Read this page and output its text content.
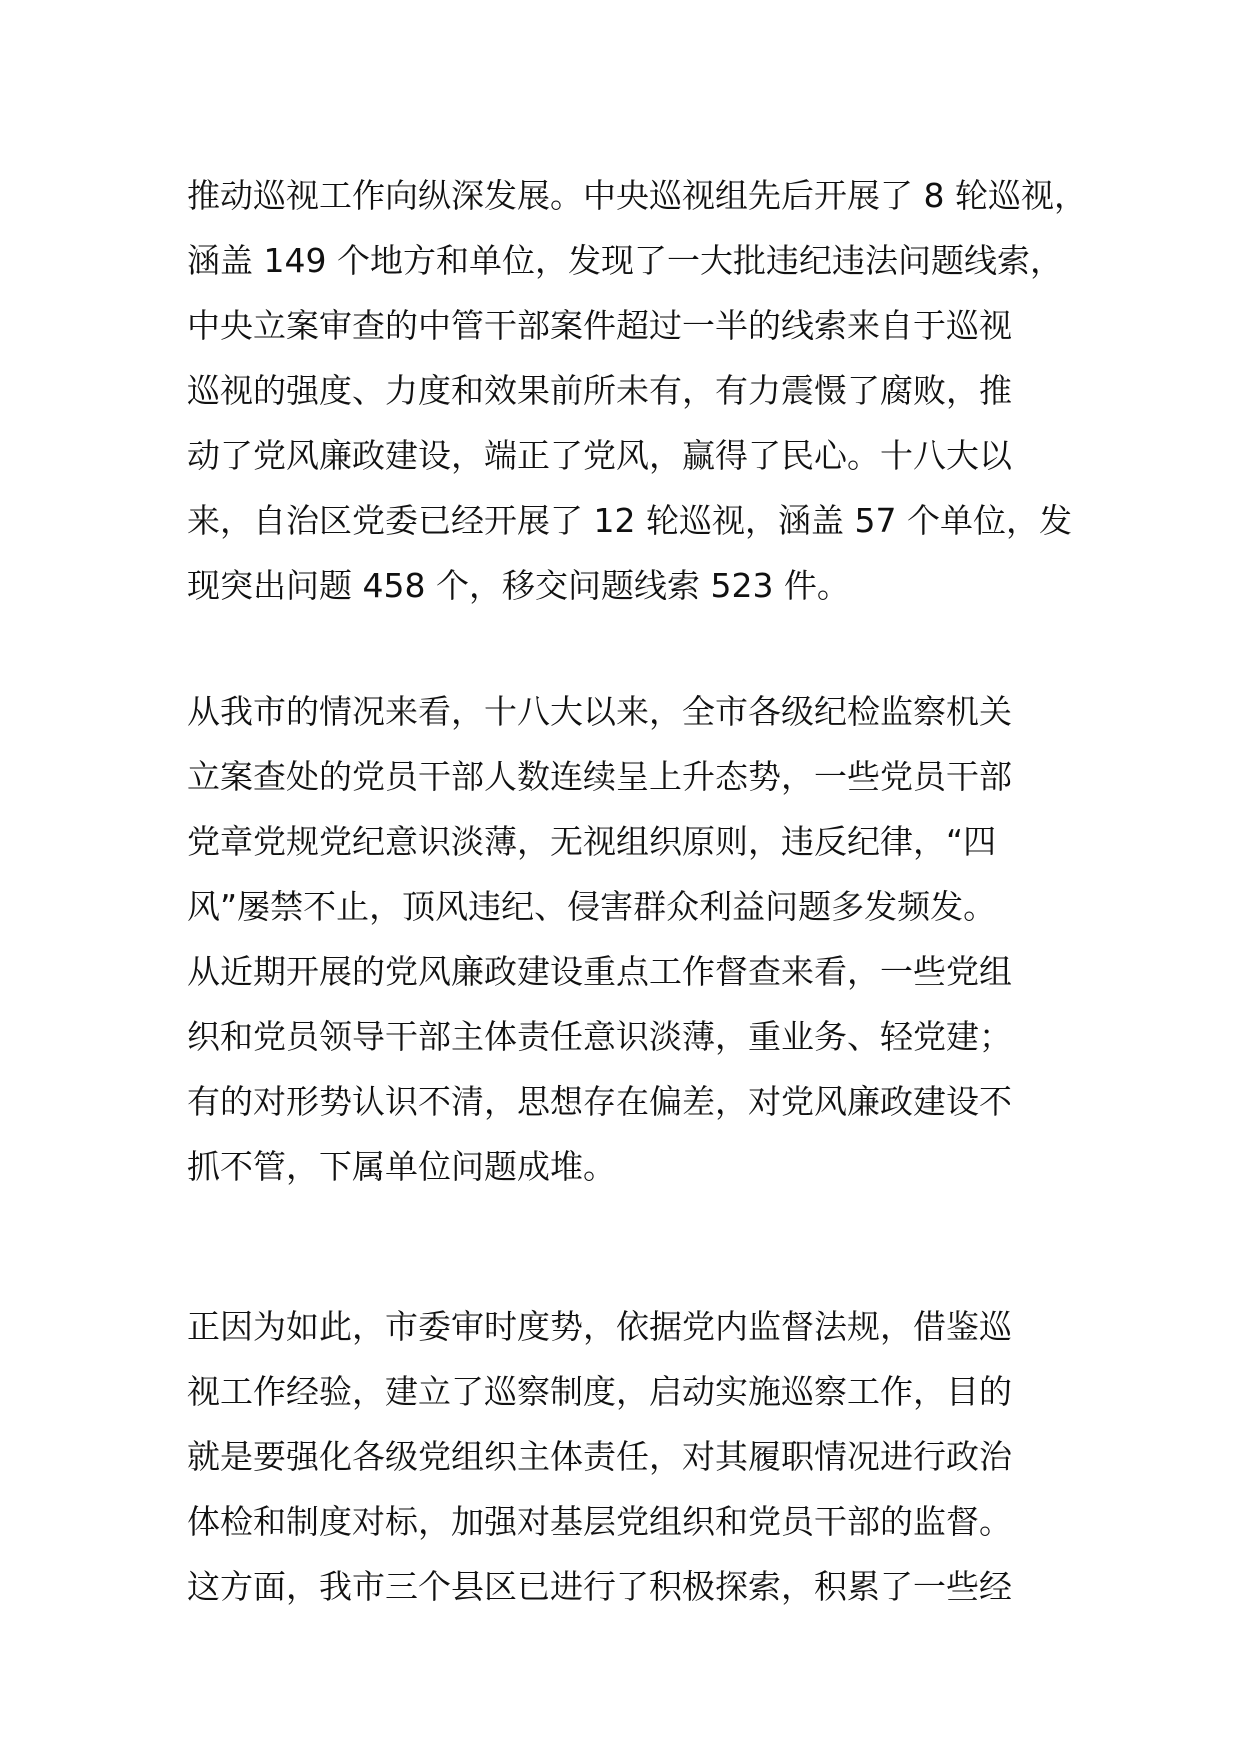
推动巡视工作向纵深发展。中央巡视组先后开展了 8 轮巡视，
涵盖 149 个地方和单位，发现了一大批违纪违法问题线索，
中央立案审查的中管干部案件超过一半的线索来自于巡视
巡视的强度、力度和效果前所未有，有力震慑了腐败，推
动了党风廉政建设，端正了党风，赢得了民心。十八大以
来，自治区党委已经开展了 12 轮巡视，涵盖 57 个单位，发
现突出问题 458 个，移交问题线索 523 件。
从我市的情况来看，十八大以来，全市各级纪检监察机关
立案查处的党员干部人数连续呈上升态势，一些党员干部
党章党规党纪意识淡薄，无视组织原则，违反纪律，“四
风”屡禁不止，顶风违纪、侵害群众利益问题多发频发。
从近期开展的党风廉政建设重点工作督查来看，一些党组
织和党员领导干部主体责任意识淡薄，重业务、轻党建；
有的对形势认识不清，思想存在偏差，对党风廉政建设不
抓不管，下属单位问题成堆。
正因为如此，市委审时度势，依据党内监督法规，借鉴巡
视工作经验，建立了巡察制度，启动实施巡察工作，目的
就是要强化各级党组织主体责任，对其履职情况进行政治
体检和制度对标，加强对基层党组织和党员干部的监督。
这方面，我市三个县区已进行了积极探索，积累了一些经
